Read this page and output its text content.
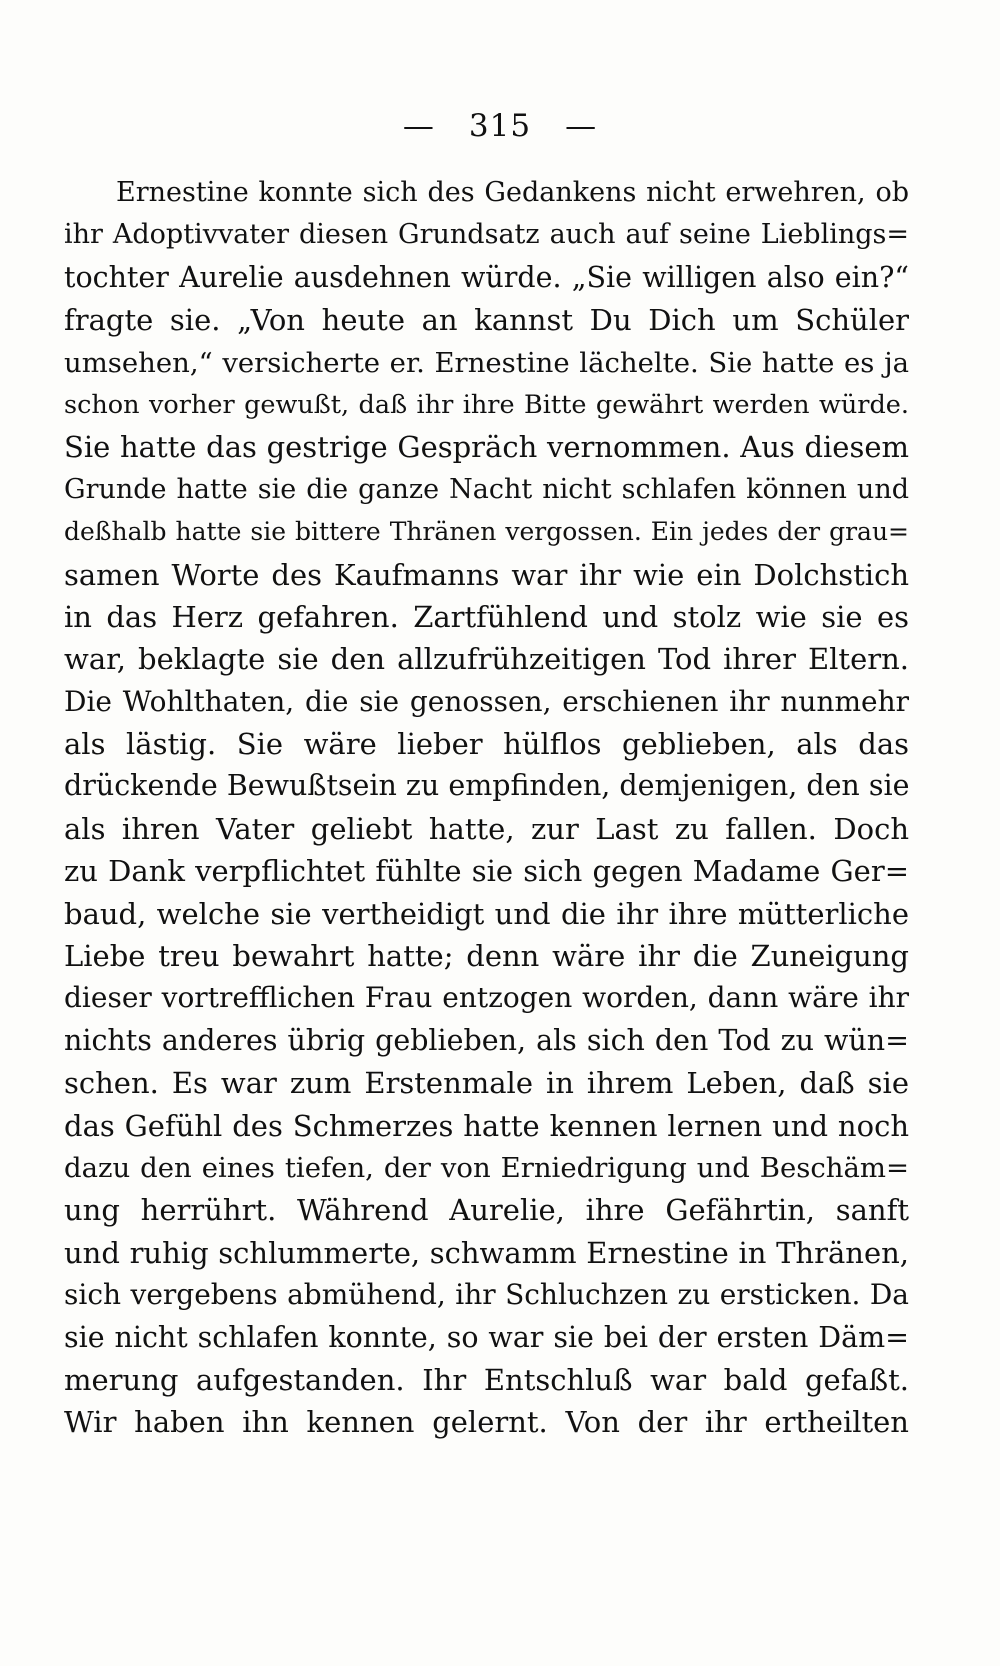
— 315 —
Ernestine konnte sich des Gedankens nicht erwehren, ob
ihr Adoptivvater diesen Grundsatz auch auf seine Lieblings=
tochter Aurelie ausdehnen würde. „Sie willigen also ein?“
fragte sie. „Von heute an kannst Du Dich um Schüler
umsehen,“ versicherte er. Ernestine lächelte. Sie hatte es ja
schon vorher gewußt, daß ihr ihre Bitte gewährt werden würde.
Sie hatte das gestrige Gespräch vernommen. Aus diesem
Grunde hatte sie die ganze Nacht nicht schlafen können und
deßhalb hatte sie bittere Thränen vergossen. Ein jedes der grau=
samen Worte des Kaufmanns war ihr wie ein Dolchstich
in das Herz gefahren. Zartfühlend und stolz wie sie es
war, beklagte sie den allzufrühzeitigen Tod ihrer Eltern.
Die Wohlthaten, die sie genossen, erschienen ihr nunmehr
als lästig. Sie wäre lieber hülflos geblieben, als das
drückende Bewußtsein zu empfinden, demjenigen, den sie
als ihren Vater geliebt hatte, zur Last zu fallen. Doch
zu Dank verpflichtet fühlte sie sich gegen Madame Ger=
baud, welche sie vertheidigt und die ihr ihre mütterliche
Liebe treu bewahrt hatte; denn wäre ihr die Zuneigung
dieser vortrefflichen Frau entzogen worden, dann wäre ihr
nichts anderes übrig geblieben, als sich den Tod zu wün=
schen. Es war zum Erstenmale in ihrem Leben, daß sie
das Gefühl des Schmerzes hatte kennen lernen und noch
dazu den eines tiefen, der von Erniedrigung und Beschäm=
ung herrührt. Während Aurelie, ihre Gefährtin, sanft
und ruhig schlummerte, schwamm Ernestine in Thränen,
sich vergebens abmühend, ihr Schluchzen zu ersticken. Da
sie nicht schlafen konnte, so war sie bei der ersten Däm=
merung aufgestanden. Ihr Entschluß war bald gefaßt.
Wir haben ihn kennen gelernt. Von der ihr ertheilten
